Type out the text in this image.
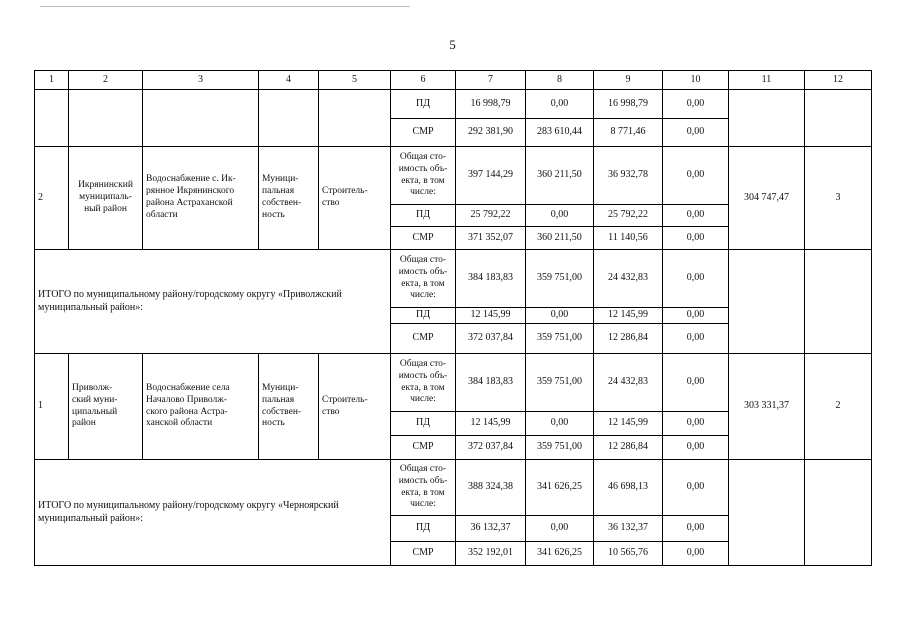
5
1	2	3	4	5	6	7	8	9	10	11	12
					ПД	16 998,79	0,00	16 998,79	0,00		
					СМР	292 381,90	283 610,44	8 771,46	0,00		
2	Икрянинский
муниципаль-
ный район	Водоснабжение с. Ик-
рянное Икрянинского
района Астраханской
области	Муници-
пальная
собствен-
ность	Строитель-
ство	Общая сто-
имость объ-
екта, в том
числе:	397 144,29	360 211,50	36 932,78	0,00	304 747,47	3
					ПД	25 792,22	0,00	25 792,22	0,00		
					СМР	371 352,07	360 211,50	11 140,56	0,00		
ИТОГО по муниципальному району/городскому округу «Приволжский муниципальный район»:					Общая сто-
имость объ-
екта, в том
числе:	384 183,83	359 751,00	24 432,83	0,00		
					ПД	12 145,99	0,00	12 145,99	0,00		
					СМР	372 037,84	359 751,00	12 286,84	0,00		
1	Приволж-
ский муни-
ципальный
район	Водоснабжение села
Началово Приволж-
ского района Астра-
ханской области	Муници-
пальная
собствен-
ность	Строитель-
ство	Общая сто-
имость объ-
екта, в том
числе:	384 183,83	359 751,00	24 432,83	0,00	303 331,37	2
					ПД	12 145,99	0,00	12 145,99	0,00		
					СМР	372 037,84	359 751,00	12 286,84	0,00		
ИТОГО по муниципальному району/городскому округу «Черноярский муниципальный район»:					Общая сто-
имость объ-
екта, в том
числе:	388 324,38	341 626,25	46 698,13	0,00		
					ПД	36 132,37	0,00	36 132,37	0,00		
					СМР	352 192,01	341 626,25	10 565,76	0,00		
